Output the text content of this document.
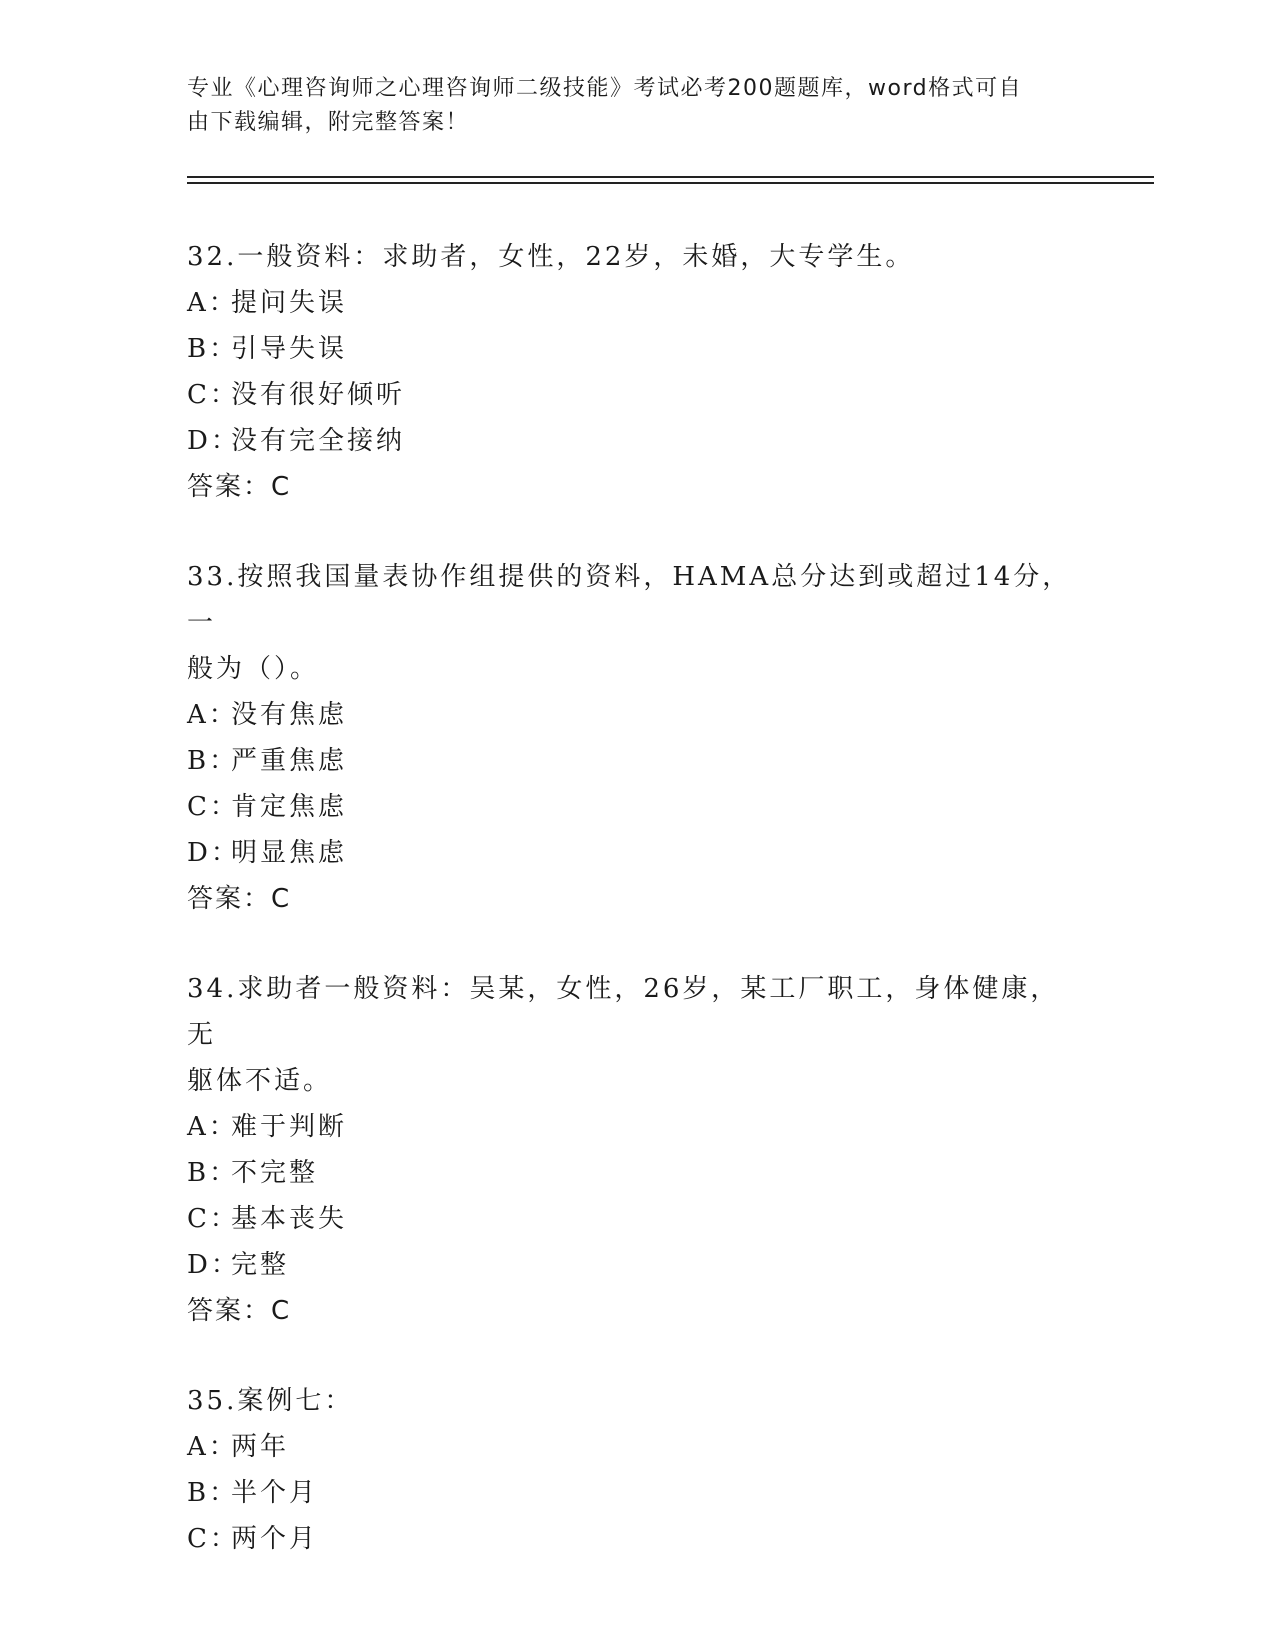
专业《心理咨询师之心理咨询师二级技能》考试必考200题题库，word格式可自
由下载编辑，附完整答案！

32.一般资料：求助者，女性，22岁，未婚，大专学生。

A：提问失误

B：引导失误

C：没有很好倾听

D：没有完全接纳

答案：C

33.按照我国量表协作组提供的资料，HAMA总分达到或超过14分，一

般为（）。

A：没有焦虑

B：严重焦虑

C：肯定焦虑

D：明显焦虑

答案：C

34.求助者一般资料：吴某，女性，26岁，某工厂职工，身体健康，无

躯体不适。

A：难于判断

B：不完整

C：基本丧失

D：完整

答案：C

35.案例七：

A：两年

B：半个月

C：两个月
